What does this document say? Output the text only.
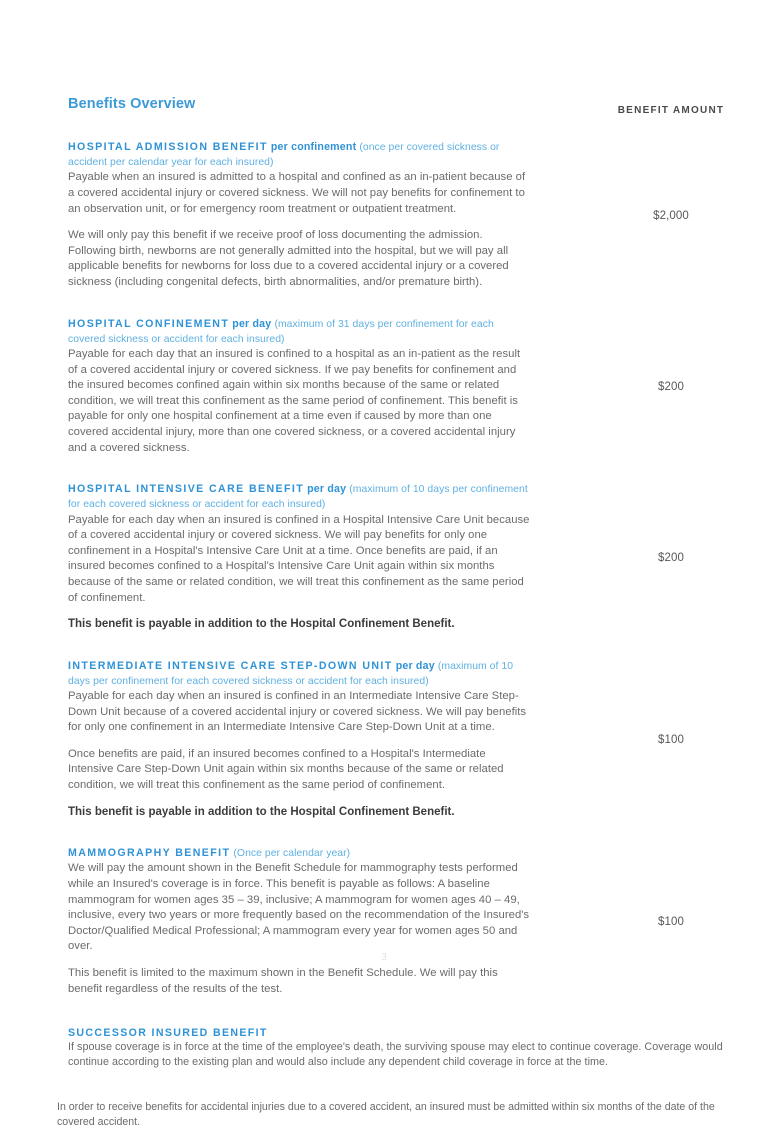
Benefits Overview	BENEFIT AMOUNT
HOSPITAL ADMISSION BENEFIT per confinement (once per covered sickness or accident per calendar year for each insured)

Payable when an insured is admitted to a hospital and confined as an in-patient because of a covered accidental injury or covered sickness. We will not pay benefits for confinement to an observation unit, or for emergency room treatment or outpatient treatment.

We will only pay this benefit if we receive proof of loss documenting the admission. Following birth, newborns are not generally admitted into the hospital, but we will pay all applicable benefits for newborns for loss due to a covered accidental injury or a covered sickness (including congenital defects, birth abnormalities, and/or premature birth).

$2,000
HOSPITAL CONFINEMENT per day (maximum of 31 days per confinement for each covered sickness or accident for each insured)

Payable for each day that an insured is confined to a hospital as an in-patient as the result of a covered accidental injury or covered sickness. If we pay benefits for confinement and the insured becomes confined again within six months because of the same or related condition, we will treat this confinement as the same period of confinement. This benefit is payable for only one hospital confinement at a time even if caused by more than one covered accidental injury, more than one covered sickness, or a covered accidental injury and a covered sickness.

$200
HOSPITAL INTENSIVE CARE BENEFIT per day (maximum of 10 days per confinement for each covered sickness or accident for each insured)

Payable for each day when an insured is confined in a Hospital Intensive Care Unit because of a covered accidental injury or covered sickness. We will pay benefits for only one confinement in a Hospital's Intensive Care Unit at a time. Once benefits are paid, if an insured becomes confined to a Hospital's Intensive Care Unit again within six months because of the same or related condition, we will treat this confinement as the same period of confinement.

This benefit is payable in addition to the Hospital Confinement Benefit.

$200
INTERMEDIATE INTENSIVE CARE STEP-DOWN UNIT per day (maximum of 10 days per confinement for each covered sickness or accident for each insured)

Payable for each day when an insured is confined in an Intermediate Intensive Care Step-Down Unit because of a covered accidental injury or covered sickness. We will pay benefits for only one confinement in an Intermediate Intensive Care Step-Down Unit at a time.

Once benefits are paid, if an insured becomes confined to a Hospital's Intermediate Intensive Care Step-Down Unit again within six months because of the same or related condition, we will treat this confinement as the same period of confinement.

This benefit is payable in addition to the Hospital Confinement Benefit.

$100
MAMMOGRAPHY BENEFIT (Once per calendar year)

We will pay the amount shown in the Benefit Schedule for mammography tests performed while an Insured's coverage is in force. This benefit is payable as follows: A baseline mammogram for women ages 35 – 39, inclusive; A mammogram for women ages 40 – 49, inclusive, every two years or more frequently based on the recommendation of the Insured's Doctor/Qualified Medical Professional; A mammogram every year for women ages 50 and over.

This benefit is limited to the maximum shown in the Benefit Schedule. We will pay this benefit regardless of the results of the test.

$100
SUCCESSOR INSURED BENEFIT

If spouse coverage is in force at the time of the employee's death, the surviving spouse may elect to continue coverage. Coverage would continue according to the existing plan and would also include any dependent child coverage in force at the time.

In order to receive benefits for accidental injuries due to a covered accident, an insured must be admitted within six months of the date of the covered accident.

3
